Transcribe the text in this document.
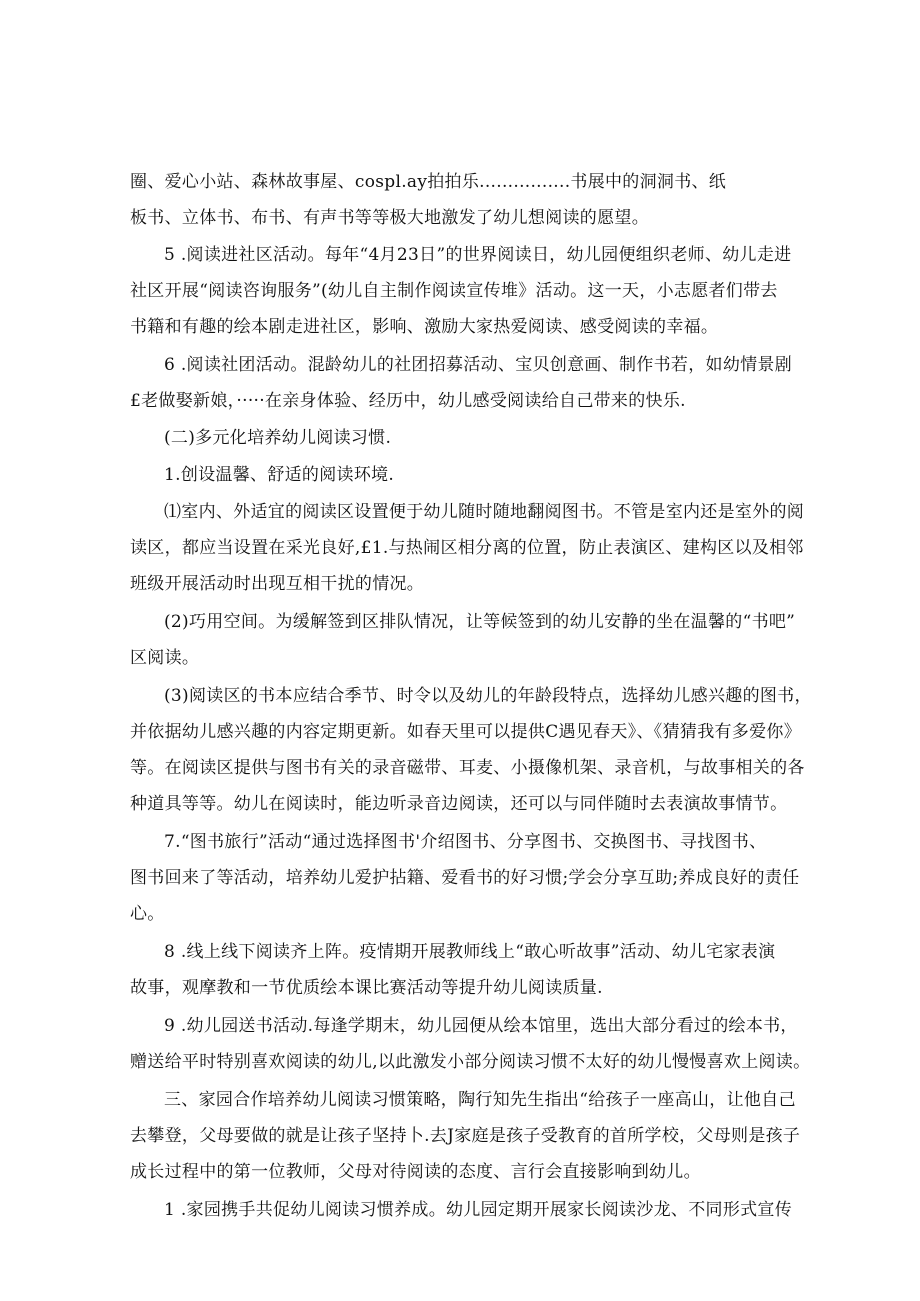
圈、爱心小站、森林故事屋、cospl.ay拍拍乐................书展中的洞洞书、纸
板书、立体书、布书、有声书等等极大地激发了幼儿想阅读的愿望。
5 .阅读进社区活动。每年“4月23日”的世界阅读日，幼儿园便组织老师、幼儿走进
社区开展“阅读咨询服务”(幼儿自主制作阅读宣传堆》活动。这一天，小志愿者们带去
书籍和有趣的绘本剧走进社区，影响、激励大家热爱阅读、感受阅读的幸福。
6 .阅读社团活动。混龄幼儿的社团招募活动、宝贝创意画、制作书若，如幼情景剧
£老做娶新娘，·····在亲身体验、经历中，幼儿感受阅读给自己带来的快乐.
(二)多元化培养幼儿阅读习惯.
1.创设温馨、舒适的阅读环境.
⑴室内、外适宜的阅读区设置便于幼儿随时随地翻阅图书。不管是室内还是室外的阅
读区，都应当设置在采光良好,£1.与热闹区相分离的位置，防止表演区、建构区以及相邻
班级开展活动时出现互相干扰的情况。
(2)巧用空间。为缓解签到区排队情况，让等候签到的幼儿安静的坐在温馨的“书吧”
区阅读。
(3)阅读区的书本应结合季节、时令以及幼儿的年龄段特点，选择幼儿感兴趣的图书，
并依据幼儿感兴趣的内容定期更新。如春天里可以提供C遇见春天》、《猜猜我有多爱你》
等。在阅读区提供与图书有关的录音磁带、耳麦、小摄像机架、录音机，与故事相关的各
种道具等等。幼儿在阅读时，能边听录音边阅读，还可以与同伴随时去表演故事情节。
7.“图书旅行”活动“通过选择图书'介绍图书、分享图书、交换图书、寻找图书、
图书回来了等活动，培养幼儿爱护拈籍、爱看书的好习惯;学会分享互助;养成良好的责任
心。
8 .线上线下阅读齐上阵。疫情期开展教师线上“敢心听故事”活动、幼儿宅家表演
故事，观摩教和一节优质绘本课比赛活动等提升幼儿阅读质量.
9 .幼儿园送书活动.每逢学期末，幼儿园便从绘本馆里，选出大部分看过的绘本书，
赠送给平时特别喜欢阅读的幼儿,以此激发小部分阅读习惯不太好的幼儿慢慢喜欢上阅读。
三、家园合作培养幼儿阅读习惯策略，陶行知先生指出“给孩子一座高山，让他自己
去攀登，父母要做的就是让孩子坚持卜.去J家庭是孩子受教育的首所学校，父母则是孩子
成长过程中的第一位教师，父母对待阅读的态度、言行会直接影响到幼儿。
1 .家园携手共促幼儿阅读习惯养成。幼儿园定期开展家长阅读沙龙、不同形式宣传
